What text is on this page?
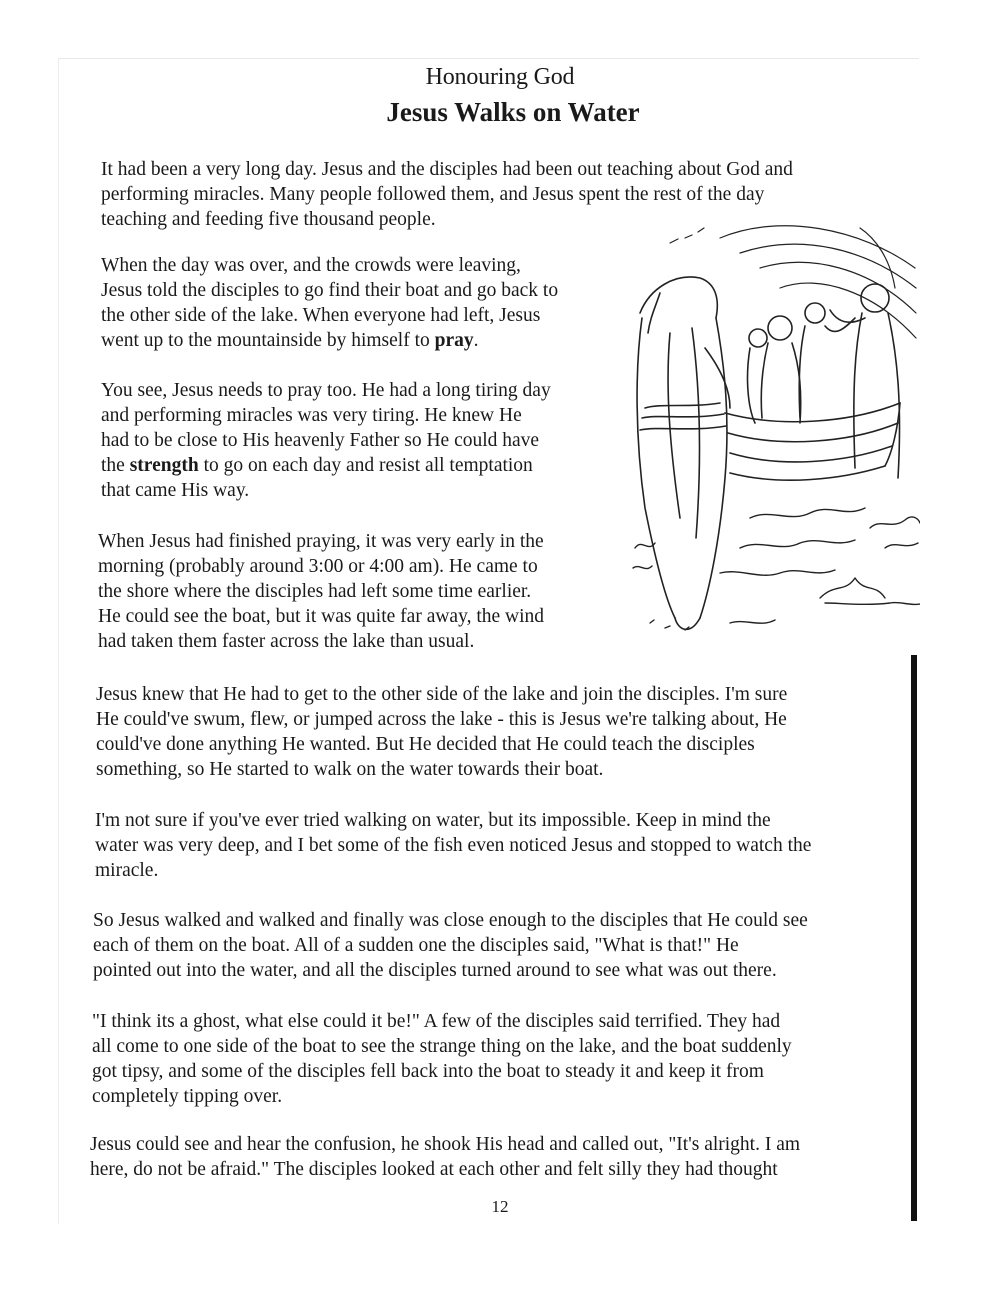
Honouring God
Jesus Walks on Water
It had been a very long day. Jesus and the disciples had been out teaching about God and
performing miracles. Many people followed them, and Jesus spent the rest of the day
teaching and feeding five thousand people.
When the day was over, and the crowds were leaving,
Jesus told the disciples to go find their boat and go back to
the other side of the lake. When everyone had left, Jesus
went up to the mountainside by himself to pray.
You see, Jesus needs to pray too. He had a long tiring day
and performing miracles was very tiring. He knew He
had to be close to His heavenly Father so He could have
the strength to go on each day and resist all temptation
that came His way.
When Jesus had finished praying, it was very early in the
morning (probably around 3:00 or 4:00 am). He came to
the shore where the disciples had left some time earlier.
He could see the boat, but it was quite far away, the wind
had taken them faster across the lake than usual.
Jesus knew that He had to get to the other side of the lake and join the disciples. I'm sure
He could've swum, flew, or jumped across the lake - this is Jesus we're talking about, He
could've done anything He wanted. But He decided that He could teach the disciples
something, so He started to walk on the water towards their boat.
I'm not sure if you've ever tried walking on water, but its impossible. Keep in mind the
water was very deep, and I bet some of the fish even noticed Jesus and stopped to watch the
miracle.
So Jesus walked and walked and finally was close enough to the disciples that He could see
each of them on the boat. All of a sudden one the disciples said, "What is that!" He
pointed out into the water, and all the disciples turned around to see what was out there.
"I think its a ghost, what else could it be!" A few of the disciples said terrified. They had
all come to one side of the boat to see the strange thing on the lake, and the boat suddenly
got tipsy, and some of the disciples fell back into the boat to steady it and keep it from
completely tipping over.
Jesus could see and hear the confusion, he shook His head and called out, "It's alright. I am
here, do not be afraid." The disciples looked at each other and felt silly they had thought
12
